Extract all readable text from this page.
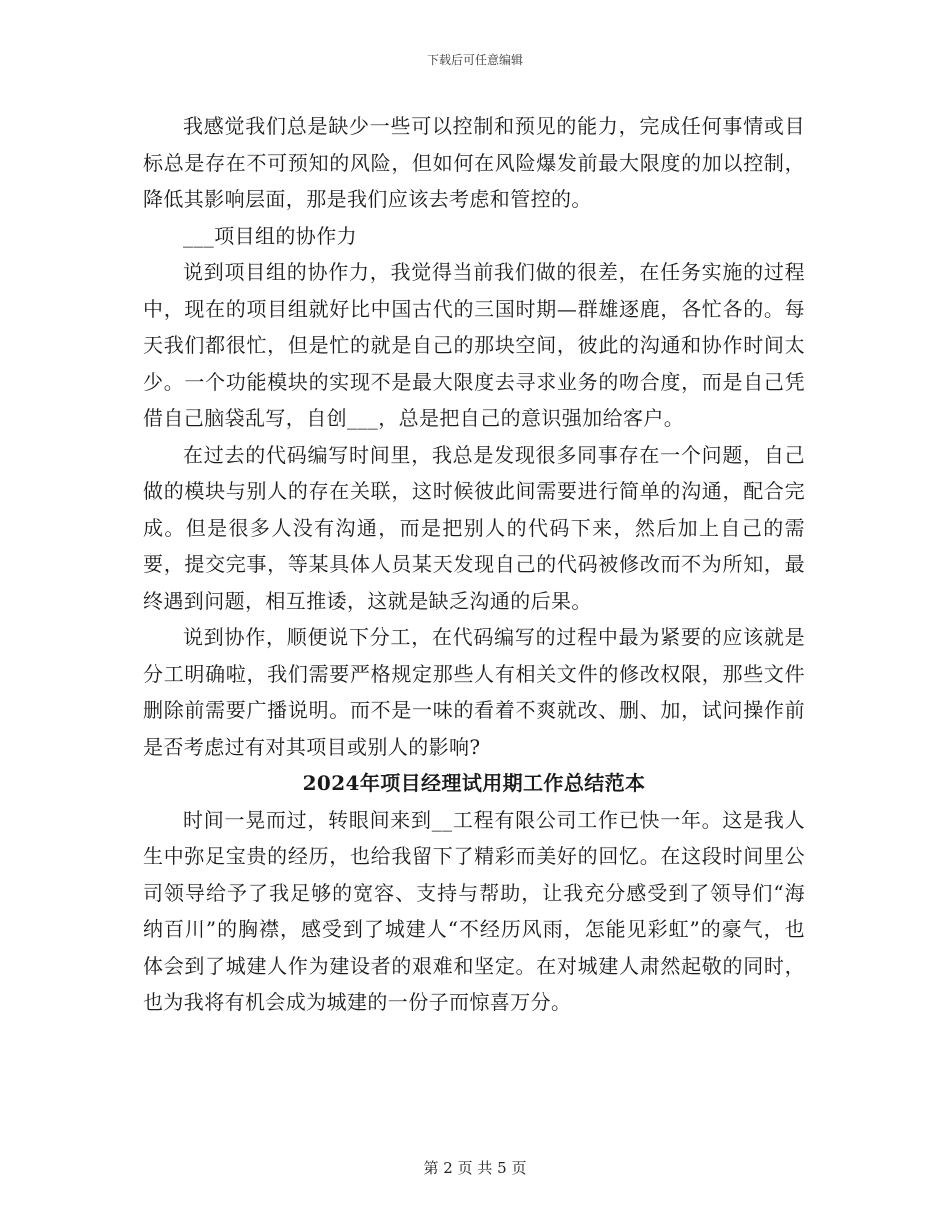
下载后可任意编辑

我感觉我们总是缺少一些可以控制和预见的能力，完成任何事情或目标总是存在不可预知的风险，但如何在风险爆发前最大限度的加以控制，降低其影响层面，那是我们应该去考虑和管控的。

___项目组的协作力

说到项目组的协作力，我觉得当前我们做的很差，在任务实施的过程中，现在的项目组就好比中国古代的三国时期—群雄逐鹿，各忙各的。每天我们都很忙，但是忙的就是自己的那块空间，彼此的沟通和协作时间太少。一个功能模块的实现不是最大限度去寻求业务的吻合度，而是自己凭借自己脑袋乱写，自创___，总是把自己的意识强加给客户。

在过去的代码编写时间里，我总是发现很多同事存在一个问题，自己做的模块与别人的存在关联，这时候彼此间需要进行简单的沟通，配合完成。但是很多人没有沟通，而是把别人的代码下来，然后加上自己的需要，提交完事，等某具体人员某天发现自己的代码被修改而不为所知，最终遇到问题，相互推诿，这就是缺乏沟通的后果。

说到协作，顺便说下分工，在代码编写的过程中最为紧要的应该就是分工明确啦，我们需要严格规定那些人有相关文件的修改权限，那些文件删除前需要广播说明。而不是一味的看着不爽就改、删、加，试问操作前是否考虑过有对其项目或别人的影响?

2024年项目经理试用期工作总结范本

时间一晃而过，转眼间来到__工程有限公司工作已快一年。这是我人生中弥足宝贵的经历，也给我留下了精彩而美好的回忆。在这段时间里公司领导给予了我足够的宽容、支持与帮助，让我充分感受到了领导们“海纳百川”的胸襟，感受到了城建人“不经历风雨，怎能见彩虹”的豪气，也体会到了城建人作为建设者的艰难和坚定。在对城建人肃然起敬的同时，也为我将有机会成为城建的一份子而惊喜万分。

第 2 页 共 5 页
